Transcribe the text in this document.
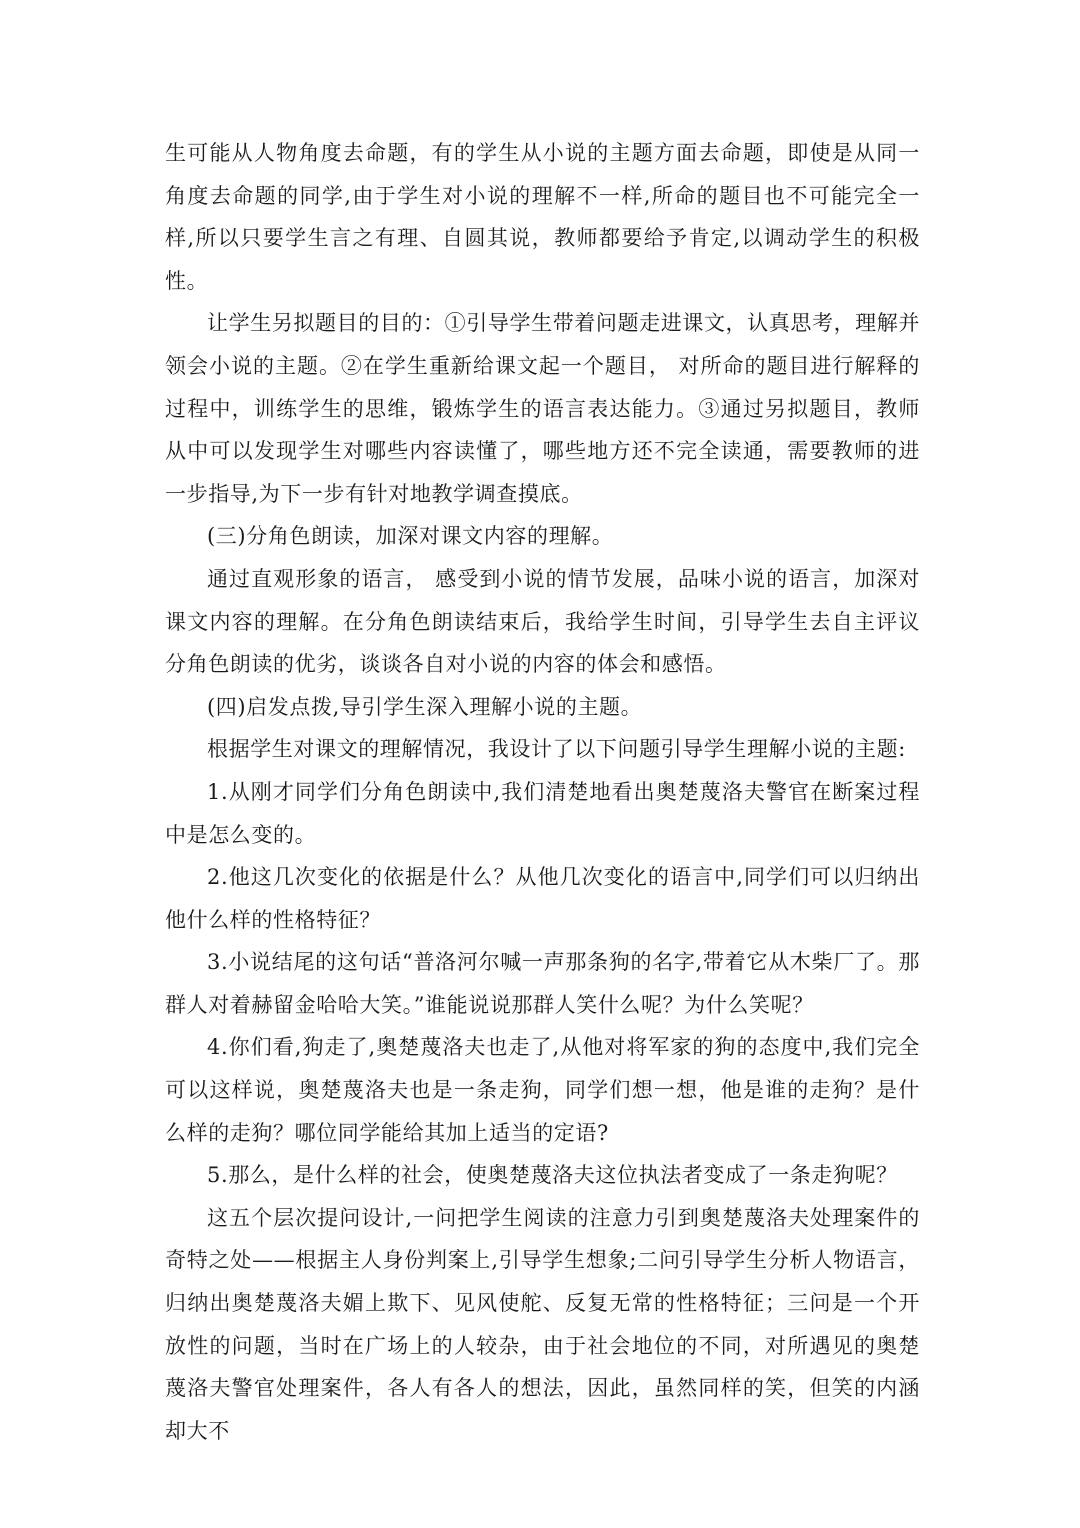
生可能从人物角度去命题，有的学生从小说的主题方面去命题，即使是从同一角度去命题的同学,由于学生对小说的理解不一样,所命的题目也不可能完全一样,所以只要学生言之有理、自圆其说，教师都要给予肯定,以调动学生的积极性。

让学生另拟题目的目的：①引导学生带着问题走进课文，认真思考，理解并领会小说的主题。②在学生重新给课文起一个题目， 对所命的题目进行解释的过程中，训练学生的思维，锻炼学生的语言表达能力。③通过另拟题目，教师从中可以发现学生对哪些内容读懂了，哪些地方还不完全读通，需要教师的进一步指导,为下一步有针对地教学调查摸底。

(三)分角色朗读，加深对课文内容的理解。

通过直观形象的语言， 感受到小说的情节发展，品味小说的语言，加深对课文内容的理解。在分角色朗读结束后，我给学生时间，引导学生去自主评议分角色朗读的优劣，谈谈各自对小说的内容的体会和感悟。

(四)启发点拨,导引学生深入理解小说的主题。

根据学生对课文的理解情况，我设计了以下问题引导学生理解小说的主题:

1.从刚才同学们分角色朗读中,我们清楚地看出奥楚蔑洛夫警官在断案过程中是怎么变的。

2.他这几次变化的依据是什么？从他几次变化的语言中,同学们可以归纳出他什么样的性格特征？

3.小说结尾的这句话“普洛河尔喊一声那条狗的名字,带着它从木柴厂了。那群人对着赫留金哈哈大笑。”谁能说说那群人笑什么呢？为什么笑呢？

4.你们看,狗走了,奥楚蔑洛夫也走了,从他对将军家的狗的态度中,我们完全可以这样说，奥楚蔑洛夫也是一条走狗，同学们想一想，他是谁的走狗？是什么样的走狗？哪位同学能给其加上适当的定语?

5.那么，是什么样的社会，使奥楚蔑洛夫这位执法者变成了一条走狗呢？

这五个层次提问设计,一问把学生阅读的注意力引到奥楚蔑洛夫处理案件的奇特之处——根据主人身份判案上,引导学生想象;二问引导学生分析人物语言，归纳出奥楚蔑洛夫媚上欺下、见风使舵、反复无常的性格特征；三问是一个开放性的问题，当时在广场上的人较杂，由于社会地位的不同，对所遇见的奥楚蔑洛夫警官处理案件，各人有各人的想法，因此，虽然同样的笑，但笑的内涵却大不
